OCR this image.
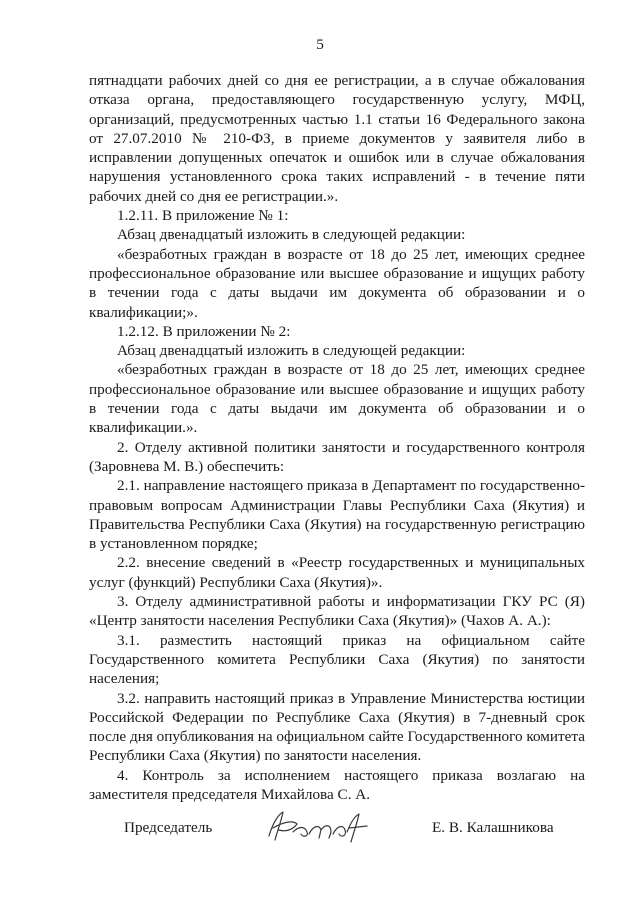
5

пятнадцати рабочих дней со дня ее регистрации, а в случае обжалования отказа органа, предоставляющего государственную услугу, МФЦ, организаций, предусмотренных частью 1.1 статьи 16 Федерального закона от 27.07.2010 № 210-ФЗ, в приеме документов у заявителя либо в исправлении допущенных опечаток и ошибок или в случае обжалования нарушения установленного срока таких исправлений - в течение пяти рабочих дней со дня ее регистрации.».

1.2.11. В приложение № 1:

Абзац двенадцатый изложить в следующей редакции:

«безработных граждан в возрасте от 18 до 25 лет, имеющих среднее профессиональное образование или высшее образование и ищущих работу в течении года с даты выдачи им документа об образовании и о квалификации;».

1.2.12. В приложении № 2:

Абзац двенадцатый изложить в следующей редакции:

«безработных граждан в возрасте от 18 до 25 лет, имеющих среднее профессиональное образование или высшее образование и ищущих работу в течении года с даты выдачи им документа об образовании и о квалификации.».

2. Отделу активной политики занятости и государственного контроля (Заровнева М. В.) обеспечить:

2.1. направление настоящего приказа в Департамент по государственно-правовым вопросам Администрации Главы Республики Саха (Якутия) и Правительства Республики Саха (Якутия) на государственную регистрацию в установленном порядке;

2.2. внесение сведений в «Реестр государственных и муниципальных услуг (функций) Республики Саха (Якутия)».

3. Отделу административной работы и информатизации ГКУ РС (Я) «Центр занятости населения Республики Саха (Якутия)» (Чахов А. А.):

3.1. разместить настоящий приказ на официальном сайте Государственного комитета Республики Саха (Якутия) по занятости населения;

3.2. направить настоящий приказ в Управление Министерства юстиции Российской Федерации по Республике Саха (Якутия) в 7-дневный срок после дня опубликования на официальном сайте Государственного комитета Республики Саха (Якутия) по занятости населения.

4. Контроль за исполнением настоящего приказа возлагаю на заместителя председателя Михайлова С. А.

Председатель	Е. В. Калашникова
